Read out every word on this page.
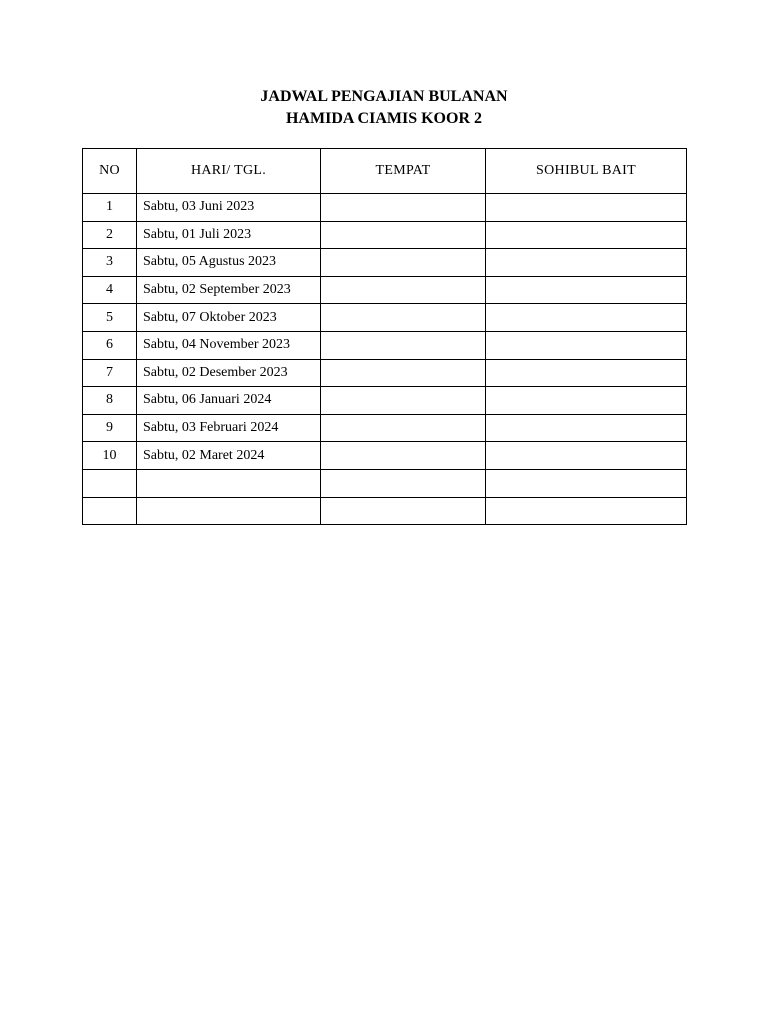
JADWAL PENGAJIAN BULANAN
HAMIDA CIAMIS KOOR 2
NO	HARI/ TGL.	TEMPAT	SOHIBUL BAIT
1	Sabtu, 03 Juni 2023		
2	Sabtu, 01 Juli 2023		
3	Sabtu, 05 Agustus 2023		
4	Sabtu, 02 September 2023		
5	Sabtu, 07 Oktober 2023		
6	Sabtu, 04 November 2023		
7	Sabtu, 02 Desember 2023		
8	Sabtu, 06 Januari 2024		
9	Sabtu, 03 Februari 2024		
10	Sabtu, 02 Maret 2024		
